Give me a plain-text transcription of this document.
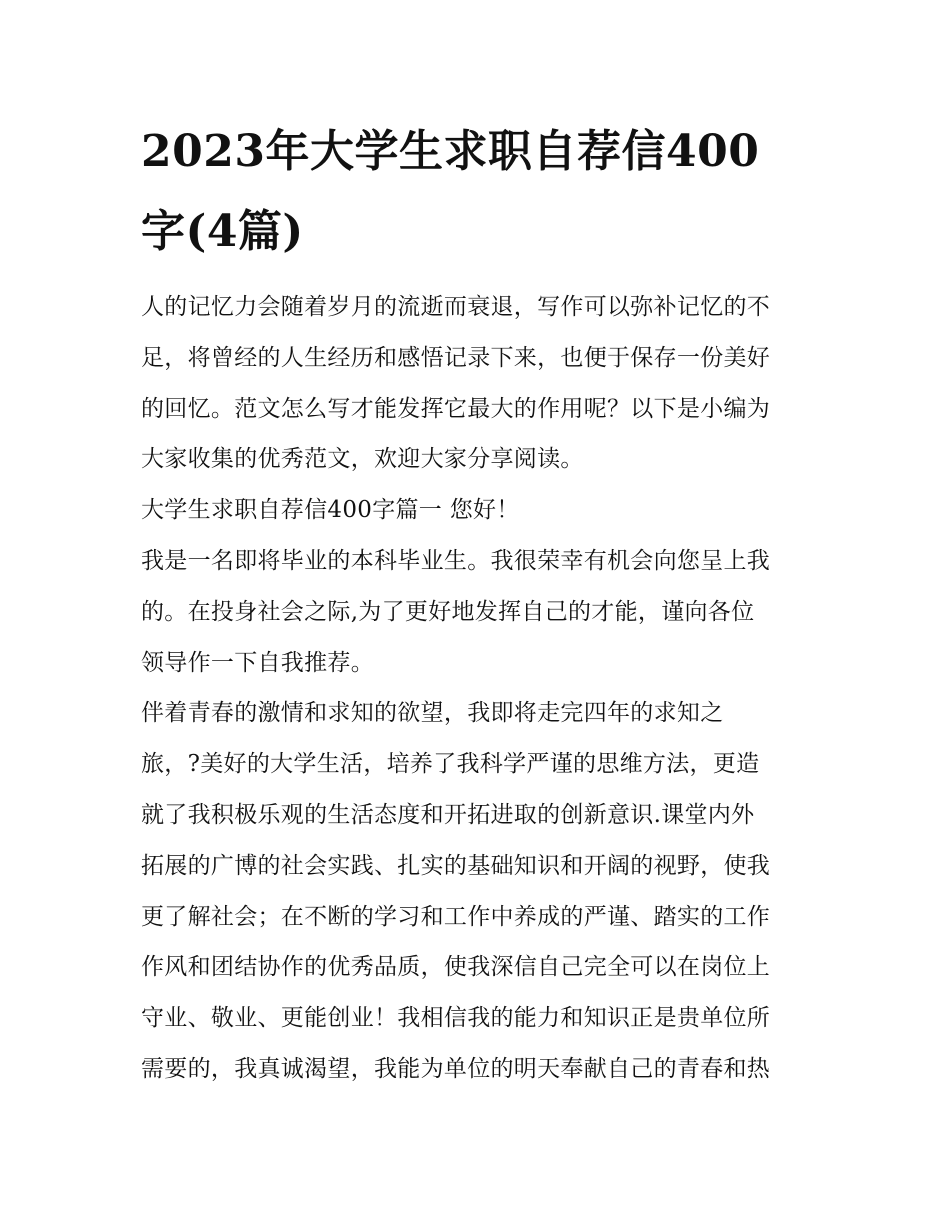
2023年大学生求职自荐信400
字(4篇)
人的记忆力会随着岁月的流逝而衰退，写作可以弥补记忆的不
足，将曾经的人生经历和感悟记录下来，也便于保存一份美好
的回忆。范文怎么写才能发挥它最大的作用呢？以下是小编为
大家收集的优秀范文，欢迎大家分享阅读。
大学生求职自荐信400字篇一 您好！
我是一名即将毕业的本科毕业生。我很荣幸有机会向您呈上我
的。在投身社会之际,为了更好地发挥自己的才能，谨向各位
领导作一下自我推荐。
伴着青春的激情和求知的欲望，我即将走完四年的求知之
旅，?美好的大学生活，培养了我科学严谨的思维方法，更造
就了我积极乐观的生活态度和开拓进取的创新意识.课堂内外
拓展的广博的社会实践、扎实的基础知识和开阔的视野，使我
更了解社会；在不断的学习和工作中养成的严谨、踏实的工作
作风和团结协作的优秀品质，使我深信自己完全可以在岗位上
守业、敬业、更能创业！我相信我的能力和知识正是贵单位所
需要的，我真诚渴望，我能为单位的明天奉献自己的青春和热
